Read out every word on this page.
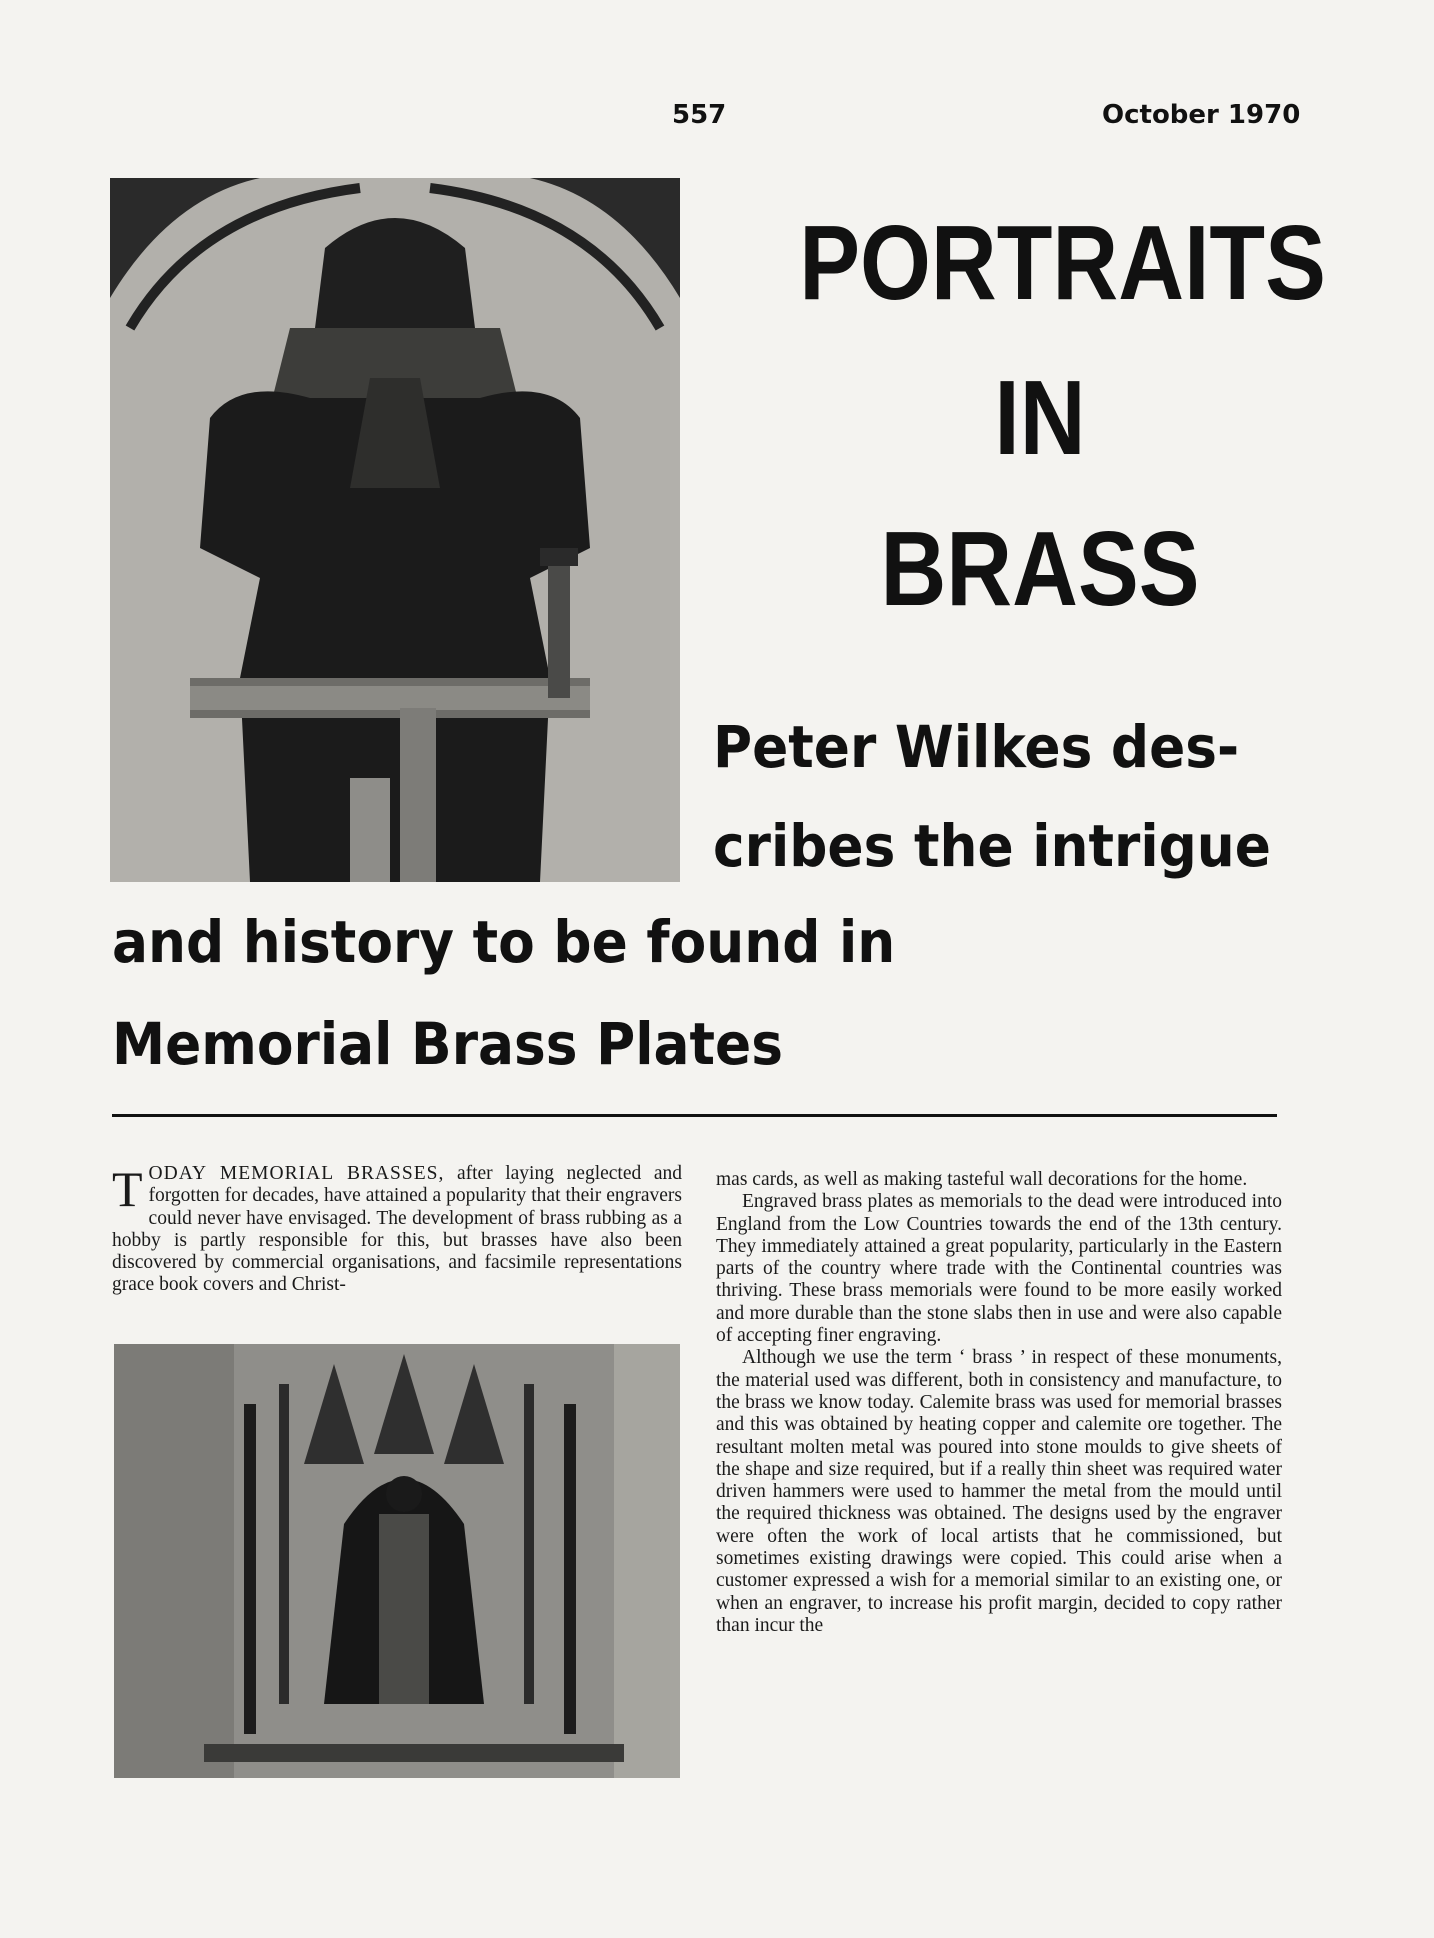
557	October 1970
PORTRAITS
IN
BRASS
Peter Wilkes des-
cribes the intrigue
and history to be found in
Memorial Brass Plates

TODAY MEMORIAL BRASSES, after laying neglected and forgotten for decades, have attained a popularity that their engravers could never have envisaged. The development of brass rubbing as a hobby is partly responsible for this, but brasses have also been discovered by commercial organisations, and facsimile representations grace book covers and Christ-

mas cards, as well as making tasteful wall decorations for the home.

Engraved brass plates as memorials to the dead were introduced into England from the Low Countries towards the end of the 13th century. They immediately attained a great popularity, particularly in the Eastern parts of the country where trade with the Continental countries was thriving. These brass memorials were found to be more easily worked and more durable than the stone slabs then in use and were also capable of accepting finer engraving.

Although we use the term ‘ brass ’ in respect of these monuments, the material used was different, both in consistency and manufacture, to the brass we know today. Calemite brass was used for memorial brasses and this was obtained by heating copper and calemite ore together. The resultant molten metal was poured into stone moulds to give sheets of the shape and size required, but if a really thin sheet was required water driven hammers were used to hammer the metal from the mould until the required thickness was obtained. The designs used by the engraver were often the work of local artists that he commissioned, but sometimes existing drawings were copied. This could arise when a customer expressed a wish for a memorial similar to an existing one, or when an engraver, to increase his profit margin, decided to copy rather than incur the
